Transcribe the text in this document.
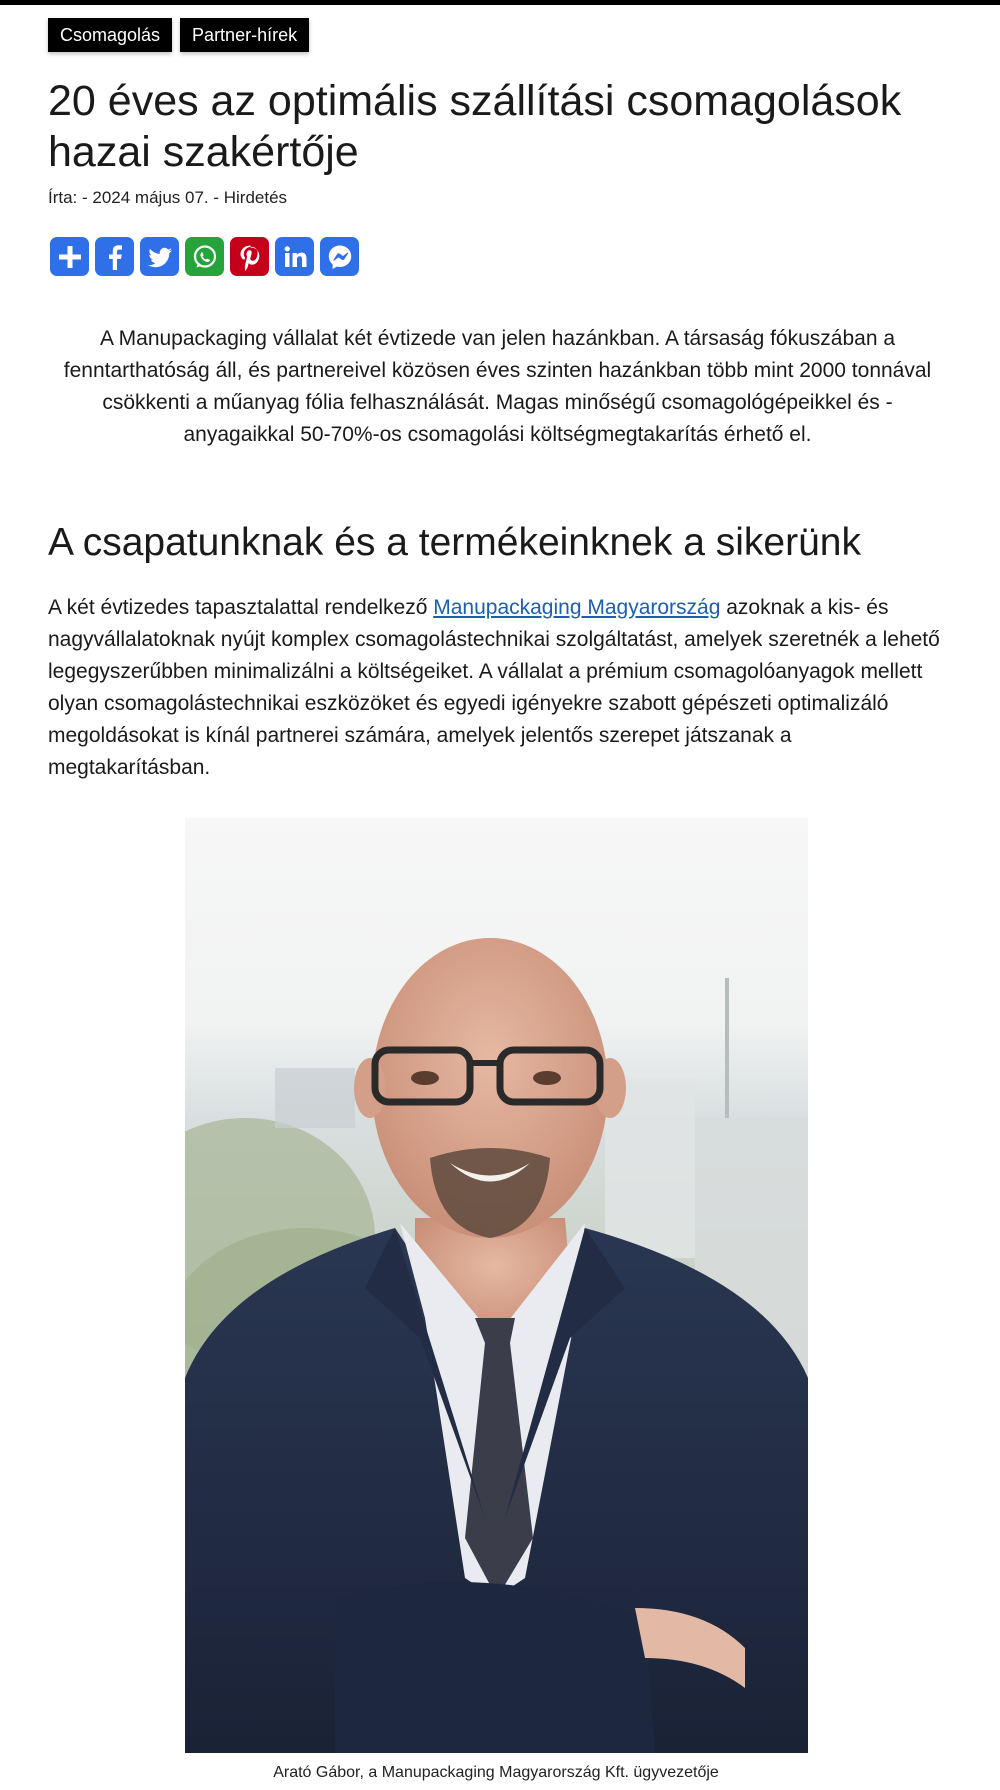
Csomagolás	Partner-hírek
20 éves az optimális szállítási csomagolások hazai szakértője
Írta: - 2024 május 07. - Hirdetés

A Manupackaging vállalat két évtizede van jelen hazánkban. A társaság fókuszában a fenntarthatóság áll, és partnereivel közösen éves szinten hazánkban több mint 2000 tonnával csökkenti a műanyag fólia felhasználását. Magas minőségű csomagológépeikkel és -anyagaikkal 50-70%-os csomagolási költségmegtakarítás érhető el.

A csapatunknak és a termékeinknek a sikerünk

A két évtizedes tapasztalattal rendelkező Manupackaging Magyarország azoknak a kis- és nagyvállalatoknak nyújt komplex csomagolástechnikai szolgáltatást, amelyek szeretnék a lehető legegyszerűbben minimalizálni a költségeiket. A vállalat a prémium csomagolóanyagok mellett olyan csomagolástechnikai eszközöket és egyedi igényekre szabott gépészeti optimalizáló megoldásokat is kínál partnerei számára, amelyek jelentős szerepet játszanak a megtakarításban.

Arató Gábor, a Manupackaging Magyarország Kft. ügyvezetője
